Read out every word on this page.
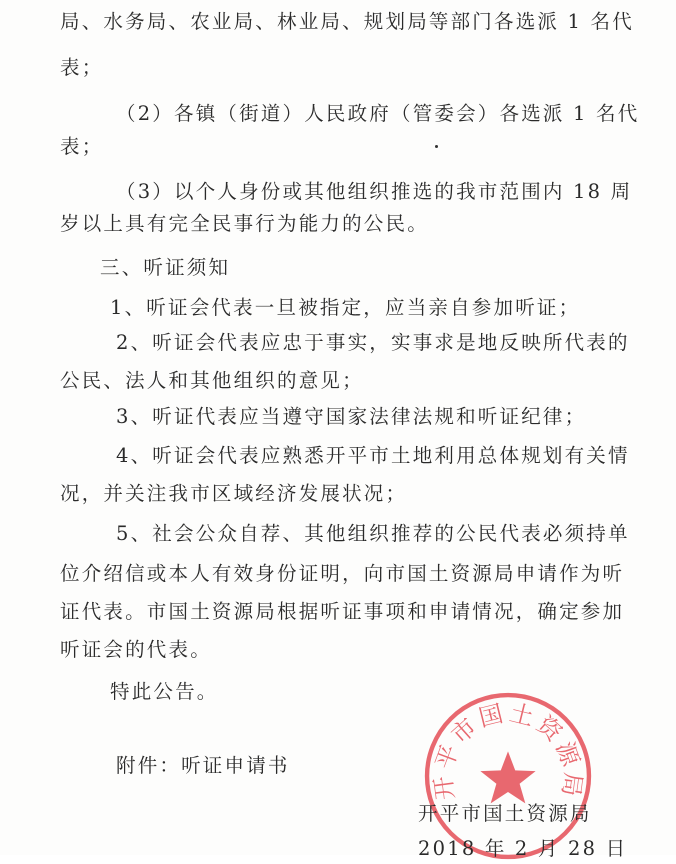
局、水务局、农业局、林业局、规划局等部门各选派 1 名代
表；
（2）各镇（街道）人民政府（管委会）各选派 1 名代
表；
（3）以个人身份或其他组织推选的我市范围内 18 周
岁以上具有完全民事行为能力的公民。
三、听证须知
1、听证会代表一旦被指定，应当亲自参加听证；
2、听证会代表应忠于事实，实事求是地反映所代表的
公民、法人和其他组织的意见；
3、听证代表应当遵守国家法律法规和听证纪律；
4、听证会代表应熟悉开平市土地利用总体规划有关情
况，并关注我市区域经济发展状况；
5、社会公众自荐、其他组织推荐的公民代表必须持单
位介绍信或本人有效身份证明，向市国土资源局申请作为听
证代表。市国土资源局根据听证事项和申请情况，确定参加
听证会的代表。
特此公告。
附件：听证申请书
开平市国土资源局
开平市国土资源局
2018 年 2 月 28 日
